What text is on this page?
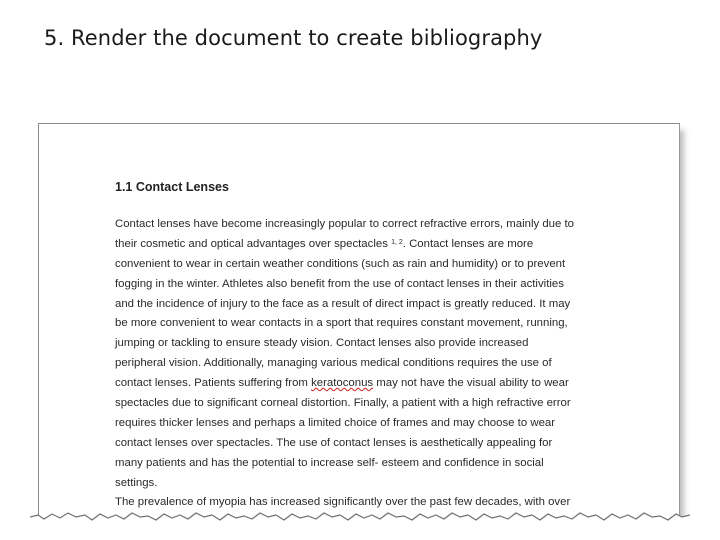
5. Render the document to create bibliography
1.1 Contact Lenses
Contact lenses have become increasingly popular to correct refractive errors, mainly due to
their cosmetic and optical advantages over spectacles $^{1, 2}$. Contact lenses are more
convenient to wear in certain weather conditions (such as rain and humidity) or to prevent
fogging in the winter. Athletes also benefit from the use of contact lenses in their activities
and the incidence of injury to the face as a result of direct impact is greatly reduced. It may
be more convenient to wear contacts in a sport that requires constant movement, running,
jumping or tackling to ensure steady vision. Contact lenses also provide increased
peripheral vision. Additionally, managing various medical conditions requires the use of
contact lenses. Patients suffering from keratoconus may not have the visual ability to wear
spectacles due to significant corneal distortion. Finally, a patient with a high refractive error
requires thicker lenses and perhaps a limited choice of frames and may choose to wear
contact lenses over spectacles. The use of contact lenses is aesthetically appealing for
many patients and has the potential to increase self- esteem and confidence in social
settings.
The prevalence of myopia has increased significantly over the past few decades, with over
